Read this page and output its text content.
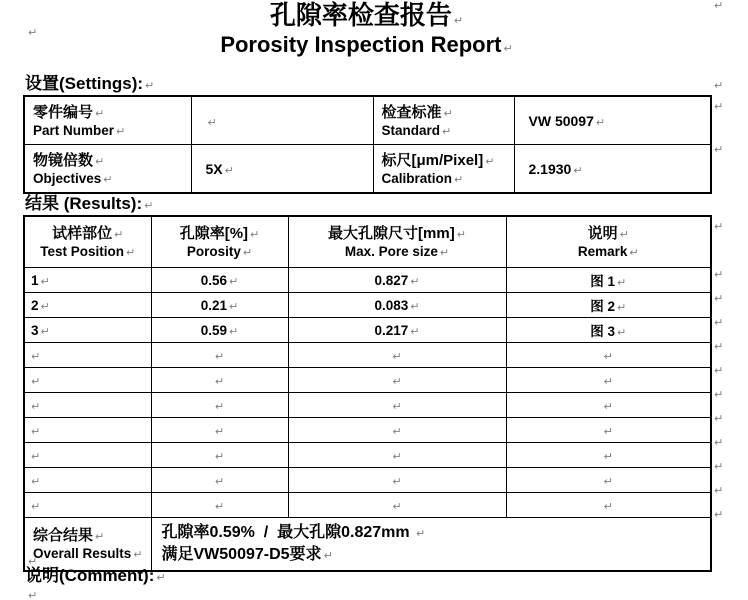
↵
↵
↵
孔隙率检查报告 ↵
Porosity Inspection Report ↵
设置(Settings): ↵
零件编号 ↵
Part Number ↵	↵	检查标准 ↵
Standard ↵	VW 50097 ↵

物镜倍数 ↵
Objectives ↵	5X ↵	标尺[μm/Pixel] ↵
Calibration ↵	2.1930 ↵
↵
↵
结果 (Results): ↵
试样部位 ↵
Test Position ↵	孔隙率[%] ↵
Porosity ↵	最大孔隙尺寸[mm] ↵
Max. Pore size ↵	说明 ↵
Remark ↵

1 ↵	0.56 ↵	0.827 ↵	图 1 ↵
2 ↵	0.21 ↵	0.083 ↵	图 2 ↵
3 ↵	0.59 ↵	0.217 ↵	图 3 ↵
↵	↵	↵	↵
↵	↵	↵	↵
↵	↵	↵	↵
↵	↵	↵	↵
↵	↵	↵	↵
↵	↵	↵	↵
↵	↵	↵	↵

综合结果 ↵
Overall Results ↵	孔隙率0.59%  /  最大孔隙0.827mm ↵
满足VW50097-D5要求 ↵		
↵
↵
↵
↵
↵
↵
↵
↵
↵
↵
↵
↵
↵
说明(Comment): ↵
↵
